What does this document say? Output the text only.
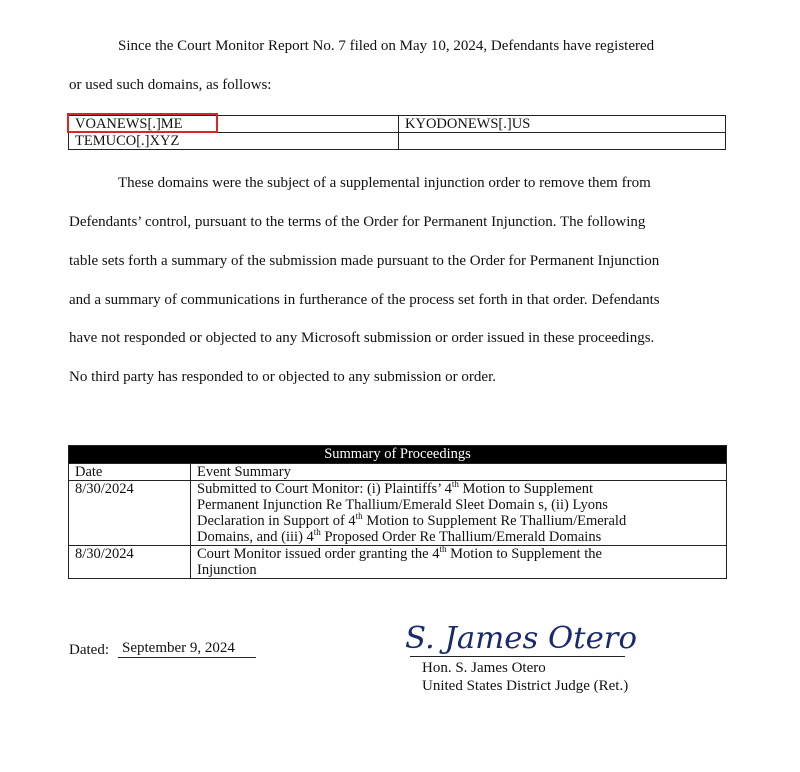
Since the Court Monitor Report No. 7 filed on May 10, 2024, Defendants have registered
or used such domains, as follows:
VOANEWS[.]ME	KYODONEWS[.]US
TEMUCO[.]XYZ	
These domains were the subject of a supplemental injunction order to remove them from
Defendants’ control, pursuant to the terms of the Order for Permanent Injunction. The following
table sets forth a summary of the submission made pursuant to the Order for Permanent Injunction
and a summary of communications in furtherance of the process set forth in that order. Defendants
have not responded or objected to any Microsoft submission or order issued in these proceedings.
No third party has responded to or objected to any submission or order.
Summary of Proceedings	
Date	Event Summary
8/30/2024	Submitted to Court Monitor: (i) Plaintiffs’ 4th Motion to Supplement
Permanent Injunction Re Thallium/Emerald Sleet Domain s, (ii) Lyons
Declaration in Support of 4th Motion to Supplement Re Thallium/Emerald
Domains, and (iii) 4th Proposed Order Re Thallium/Emerald Domains

8/30/2024	Court Monitor issued order granting the 4th Motion to Supplement the
Injunction
Dated: September 9, 2024	S. James Otero
Hon. S. James Otero
United States District Judge (Ret.)
